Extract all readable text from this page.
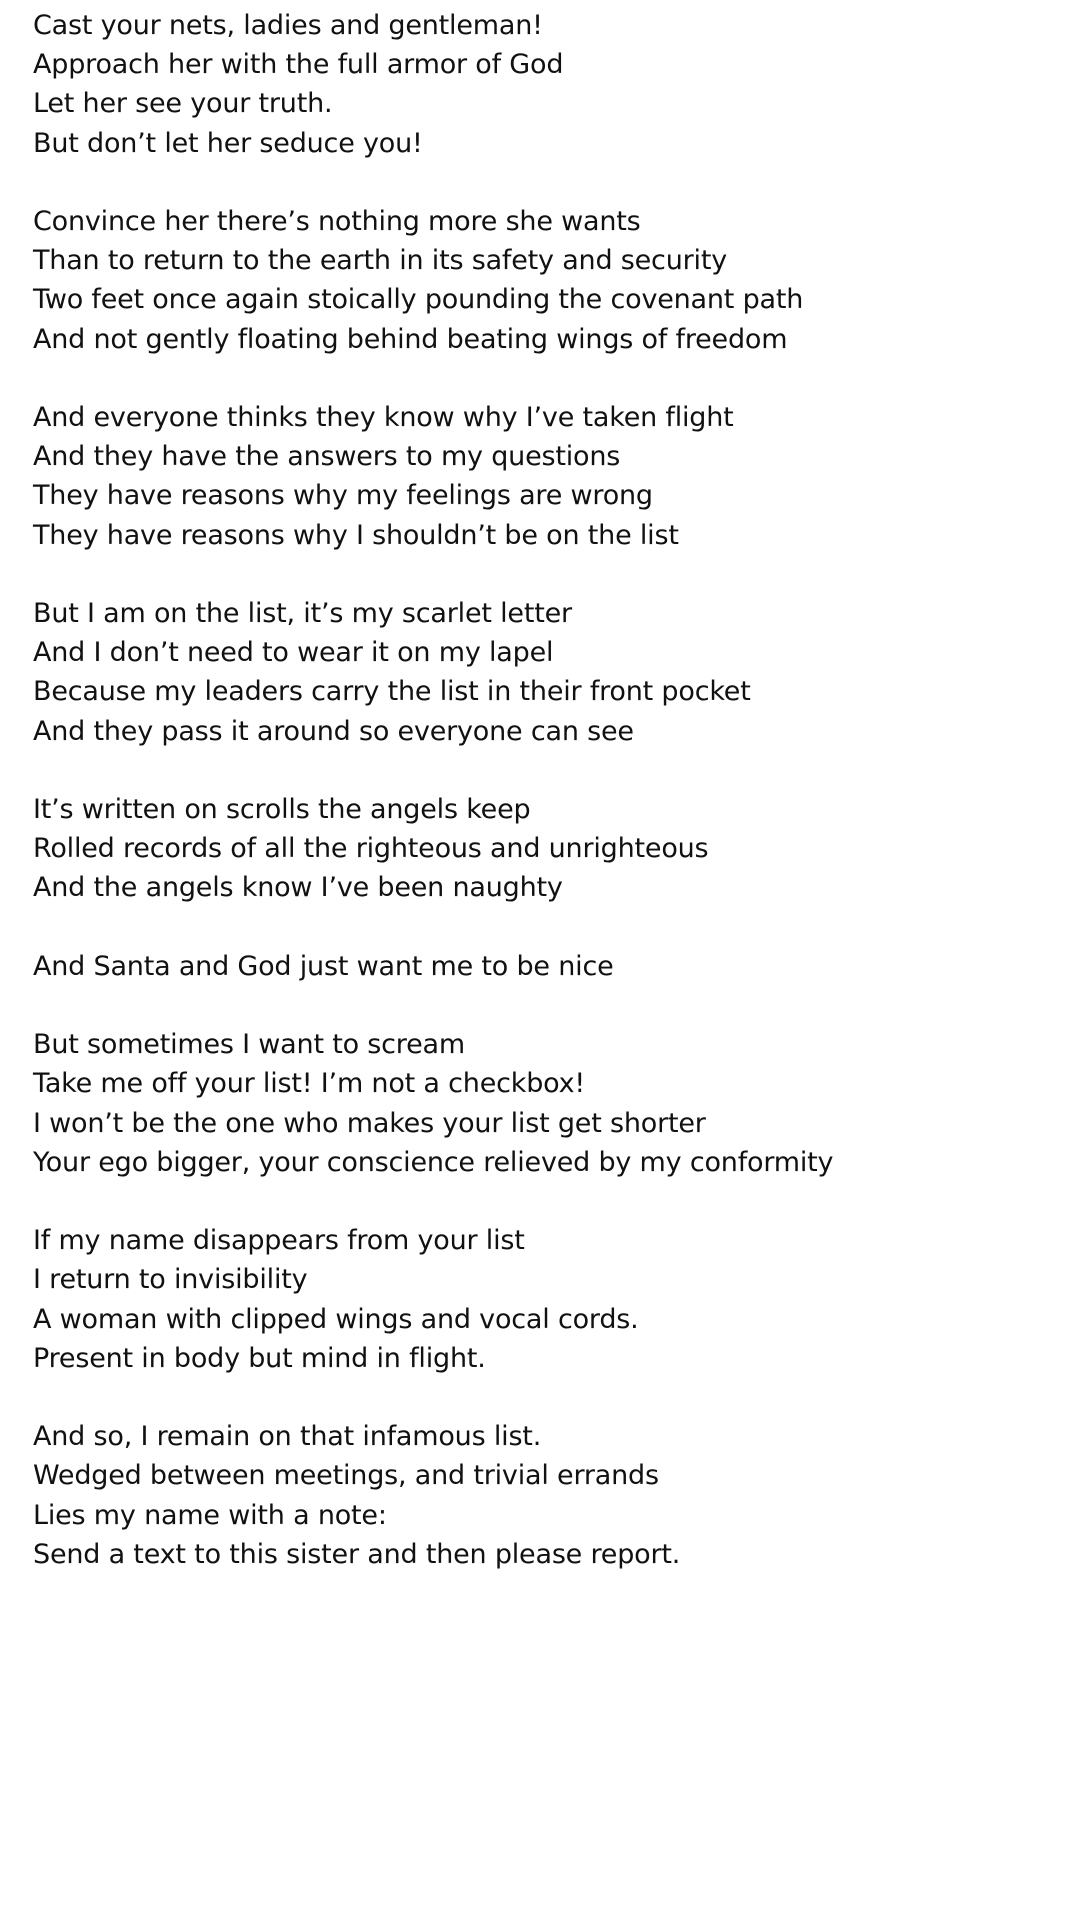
Cast your nets, ladies and gentleman!
Approach her with the full armor of God
Let her see your truth.
But don’t let her seduce you!
Convince her there’s nothing more she wants
Than to return to the earth in its safety and security
Two feet once again stoically pounding the covenant path
And not gently floating behind beating wings of freedom
And everyone thinks they know why I’ve taken flight
And they have the answers to my questions
They have reasons why my feelings are wrong
They have reasons why I shouldn’t be on the list
But I am on the list, it’s my scarlet letter
And I don’t need to wear it on my lapel
Because my leaders carry the list in their front pocket
And they pass it around so everyone can see
It’s written on scrolls the angels keep
Rolled records of all the righteous and unrighteous
And the angels know I’ve been naughty
And Santa and God just want me to be nice
But sometimes I want to scream
Take me off your list! I’m not a checkbox!
I won’t be the one who makes your list get shorter
Your ego bigger, your conscience relieved by my conformity
If my name disappears from your list
I return to invisibility
A woman with clipped wings and vocal cords.
Present in body but mind in flight.
And so, I remain on that infamous list.
Wedged between meetings, and trivial errands
Lies my name with a note:
Send a text to this sister and then please report.
